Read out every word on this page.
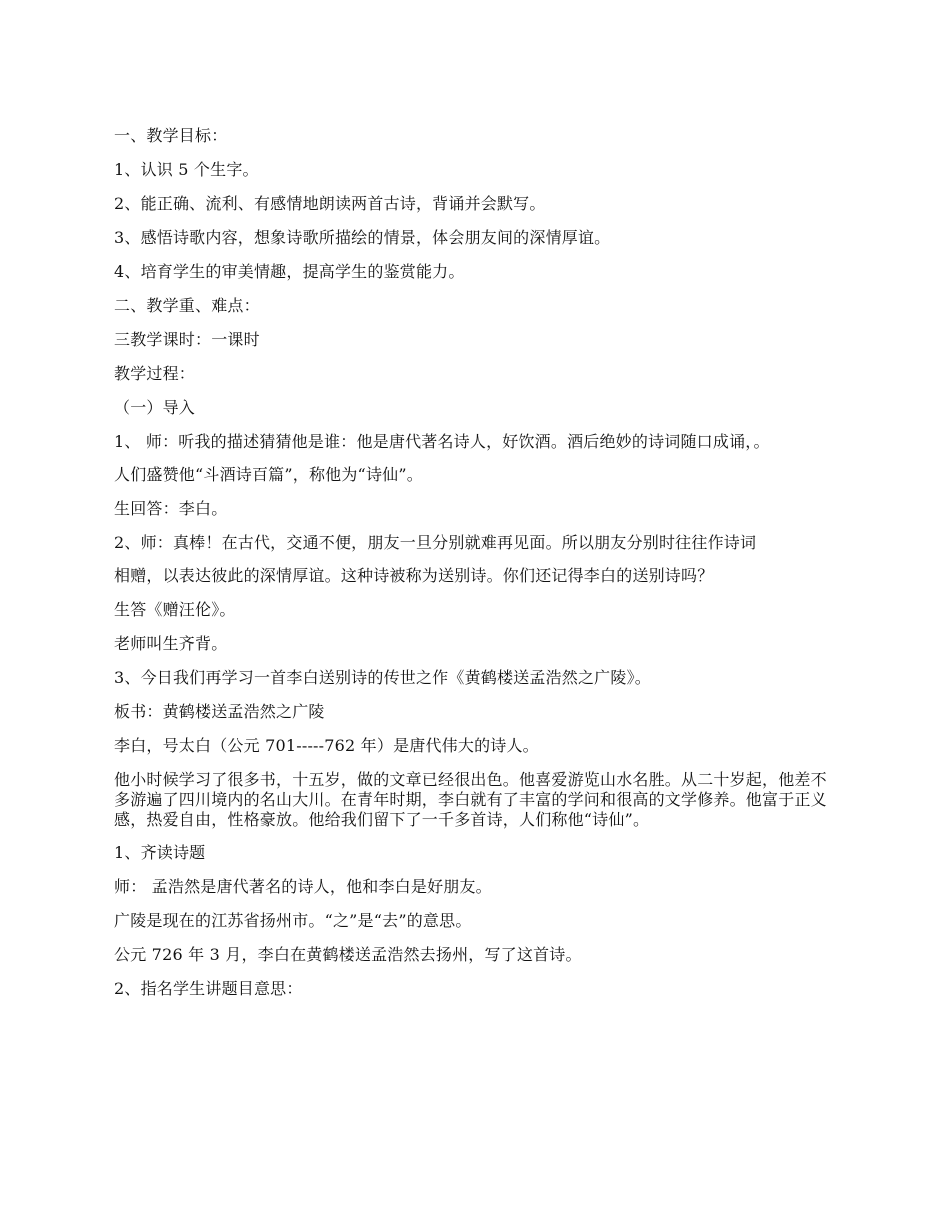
一、教学目标：

1、认识 5 个生字。

2、能正确、流利、有感情地朗读两首古诗，背诵并会默写。

3、感悟诗歌内容，想象诗歌所描绘的情景，体会朋友间的深情厚谊。

4、培育学生的审美情趣，提高学生的鉴赏能力。

二、教学重、难点：

三教学课时：一课时

教学过程：

（一）导入

1、 师：听我的描述猜猜他是谁：他是唐代著名诗人，好饮酒。酒后绝妙的诗词随口成诵，。

人们盛赞他“斗酒诗百篇”，称他为“诗仙”。

生回答：李白。

2、师：真棒！在古代，交通不便，朋友一旦分别就难再见面。所以朋友分别时往往作诗词

相赠，以表达彼此的深情厚谊。这种诗被称为送别诗。你们还记得李白的送别诗吗？

生答《赠汪伦》。

老师叫生齐背。

3、今日我们再学习一首李白送别诗的传世之作《黄鹤楼送孟浩然之广陵》。

板书：黄鹤楼送孟浩然之广陵

李白，号太白（公元 701-----762 年）是唐代伟大的诗人。

他小时候学习了很多书，十五岁，做的文章已经很出色。他喜爱游览山水名胜。从二十岁起，他差不多游遍了四川境内的名山大川。在青年时期，李白就有了丰富的学问和很高的文学修养。他富于正义感，热爱自由，性格豪放。他给我们留下了一千多首诗，人们称他“诗仙”。

1、齐读诗题

师： 孟浩然是唐代著名的诗人，他和李白是好朋友。

广陵是现在的江苏省扬州市。“之”是“去”的意思。

公元 726 年 3 月，李白在黄鹤楼送孟浩然去扬州，写了这首诗。

2、指名学生讲题目意思：
